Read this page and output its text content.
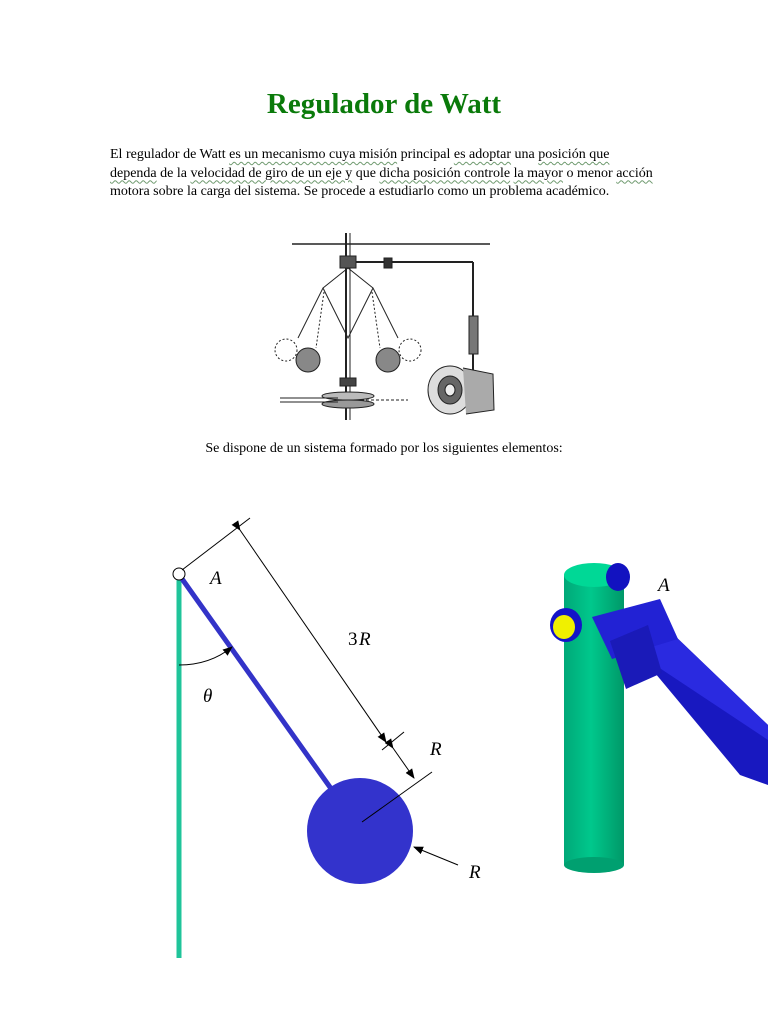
Regulador de Watt
El regulador de Watt es un mecanismo cuya misión principal es adoptar una posición que dependa de la velocidad de giro de un eje y que dicha posición controle la mayor o menor acción motora sobre la carga del sistema. Se procede a estudiarlo como un problema académico.
Se dispone de un sistema formado por los siguientes elementos:
A
θ
3 R
R
R
A
